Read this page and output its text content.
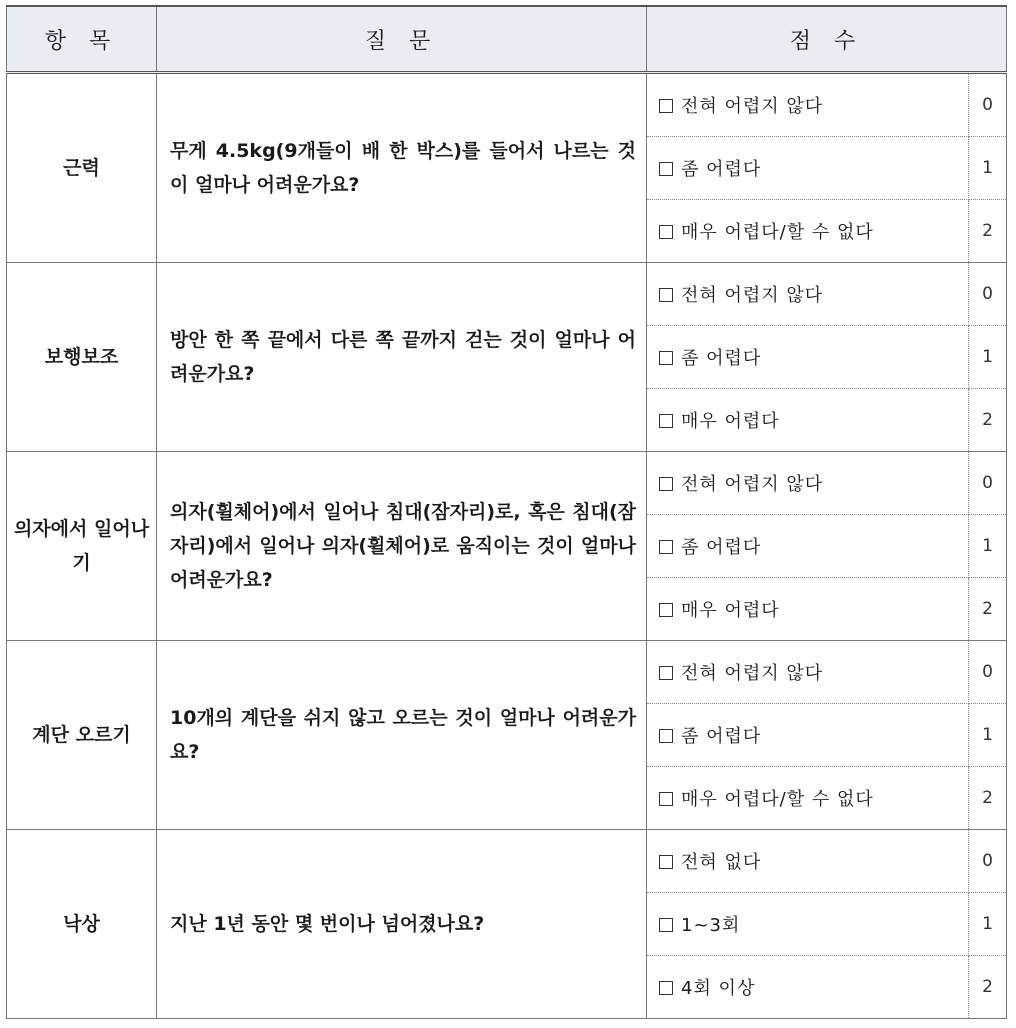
항 목	질 문	점 수	
근력	무게 4.5kg(9개들이 배 한 박스)를 들어서 나르는 것이 얼마나 어려운가요?	전혀 어렵지 않다	0
		좀 어렵다	1
		매우 어렵다/할 수 없다	2
보행보조	방안 한 쪽 끝에서 다른 쪽 끝까지 걷는 것이 얼마나 어려운가요?	전혀 어렵지 않다	0
		좀 어렵다	1
		매우 어렵다	2
의자에서 일어나기	의자(휠체어)에서 일어나 침대(잠자리)로, 혹은 침대(잠자리)에서 일어나 의자(휠체어)로 움직이는 것이 얼마나 어려운가요?	전혀 어렵지 않다	0
		좀 어렵다	1
		매우 어렵다	2
계단 오르기	10개의 계단을 쉬지 않고 오르는 것이 얼마나 어려운가요?	전혀 어렵지 않다	0
		좀 어렵다	1
		매우 어렵다/할 수 없다	2
낙상	지난 1년 동안 몇 번이나 넘어졌나요?	전혀 없다	0
		1~3회	1
		4회 이상	2
